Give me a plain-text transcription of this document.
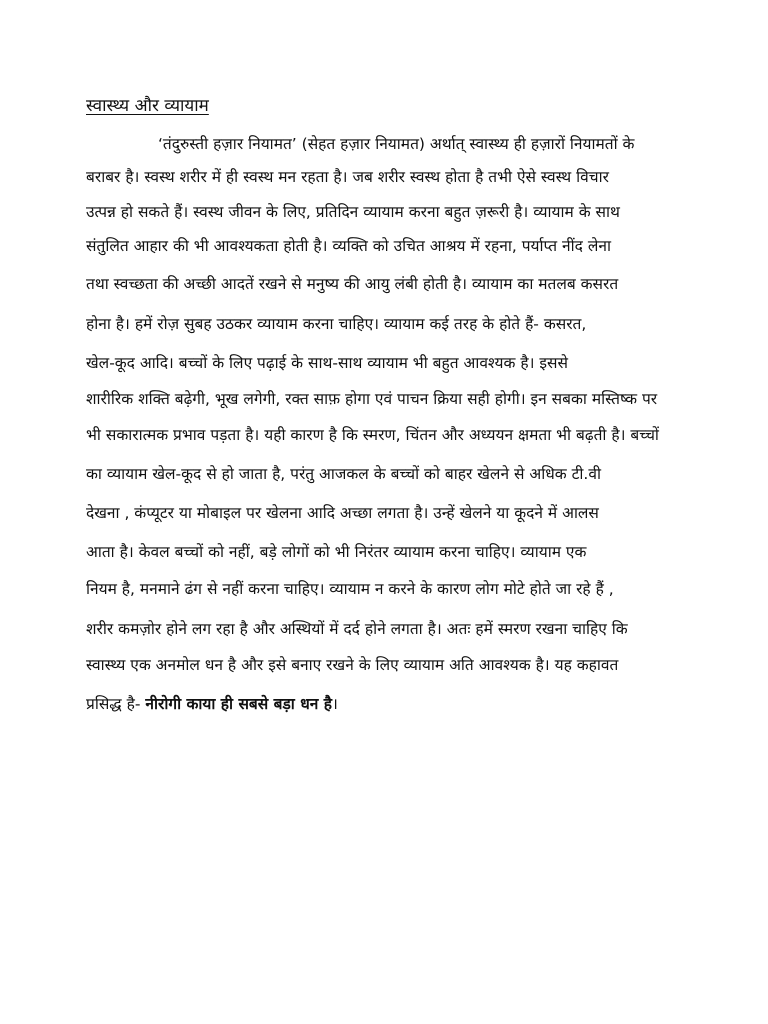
स्वास्थ्य और व्यायाम
‘तंदुरुस्ती हज़ार नियामत’ (सेहत हज़ार नियामत) अर्थात् स्वास्थ्य ही हज़ारों नियामतों के
बराबर है। स्वस्थ शरीर में ही स्वस्थ मन रहता है। जब शरीर स्वस्थ होता है तभी ऐसे स्वस्थ विचार
उत्पन्न हो सकते हैं। स्वस्थ जीवन के लिए, प्रतिदिन व्यायाम करना बहुत ज़रूरी है। व्यायाम के साथ
संतुलित आहार की भी आवश्यकता होती है। व्यक्ति को उचित आश्रय में रहना, पर्याप्त नींद लेना
तथा स्वच्छता की अच्छी आदतें रखने से मनुष्य की आयु लंबी होती है। व्यायाम का मतलब कसरत
होना है। हमें रोज़ सुबह उठकर व्यायाम करना चाहिए। व्यायाम कई तरह के होते हैं- कसरत,
खेल-कूद आदि। बच्चों के लिए पढ़ाई के साथ-साथ व्यायाम भी बहुत आवश्यक है। इससे
शारीरिक शक्ति बढ़ेगी, भूख लगेगी, रक्त साफ़ होगा एवं पाचन क्रिया सही होगी। इन सबका मस्तिष्क पर
भी सकारात्मक प्रभाव पड़ता है। यही कारण है कि स्मरण, चिंतन और अध्ययन क्षमता भी बढ़ती है। बच्चों
का व्यायाम खेल-कूद से हो जाता है, परंतु आजकल के बच्चों को बाहर खेलने से अधिक टी.वी
देखना , कंप्यूटर या मोबाइल पर खेलना आदि अच्छा लगता है। उन्हें खेलने या कूदने में आलस
आता है। केवल बच्चों को नहीं, बड़े लोगों को भी निरंतर व्यायाम करना चाहिए। व्यायाम एक
नियम है, मनमाने ढंग से नहीं करना चाहिए। व्यायाम न करने के कारण लोग मोटे होते जा रहे हैं ,
शरीर कमज़ोर होने लग रहा है और अस्थियों में दर्द होने लगता है। अतः हमें स्मरण रखना चाहिए कि
स्वास्थ्य एक अनमोल धन है और इसे बनाए रखने के लिए व्यायाम अति आवश्यक है। यह कहावत
प्रसिद्ध है- नीरोगी काया ही सबसे बड़ा धन है।
